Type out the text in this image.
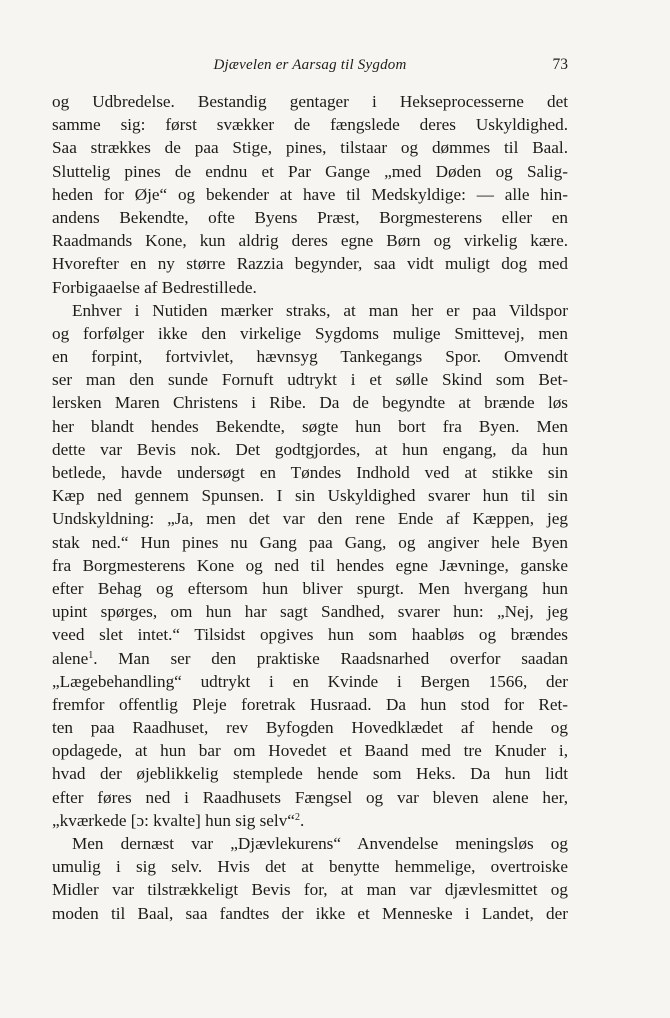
Djævelen er Aarsag til Sygdom	73
og Udbredelse. Bestandig gentager i Hekseprocesserne det
samme sig: først svækker de fængslede deres Uskyldighed.
Saa strækkes de paa Stige, pines, tilstaar og dømmes til Baal.
Sluttelig pines de endnu et Par Gange „med Døden og Salig-
heden for Øje“ og bekender at have til Medskyldige: — alle hin-
andens Bekendte, ofte Byens Præst, Borgmesterens eller en
Raadmands Kone, kun aldrig deres egne Børn og virkelig kære.
Hvorefter en ny større Razzia begynder, saa vidt muligt dog med
Forbigaaelse af Bedrestillede.
Enhver i Nutiden mærker straks, at man her er paa Vildspor
og forfølger ikke den virkelige Sygdoms mulige Smittevej, men
en forpint, fortvivlet, hævnsyg Tankegangs Spor. Omvendt
ser man den sunde Fornuft udtrykt i et sølle Skind som Bet-
lersken Maren Christens i Ribe. Da de begyndte at brænde løs
her blandt hendes Bekendte, søgte hun bort fra Byen. Men
dette var Bevis nok. Det godtgjordes, at hun engang, da hun
betlede, havde undersøgt en Tøndes Indhold ved at stikke sin
Kæp ned gennem Spunsen. I sin Uskyldighed svarer hun til sin
Undskyldning: „Ja, men det var den rene Ende af Kæppen, jeg
stak ned.“ Hun pines nu Gang paa Gang, og angiver hele Byen
fra Borgmesterens Kone og ned til hendes egne Jævninge, ganske
efter Behag og eftersom hun bliver spurgt. Men hvergang hun
upint spørges, om hun har sagt Sandhed, svarer hun: „Nej, jeg
veed slet intet.“ Tilsidst opgives hun som haabløs og brændes
alene$^1$. Man ser den praktiske Raadsnarhed overfor saadan
„Lægebehandling“ udtrykt i en Kvinde i Bergen 1566, der
fremfor offentlig Pleje foretrak Husraad. Da hun stod for Ret-
ten paa Raadhuset, rev Byfogden Hovedklædet af hende og
opdagede, at hun bar om Hovedet et Baand med tre Knuder i,
hvad der øjeblikkelig stemplede hende som Heks. Da hun lidt
efter føres ned i Raadhusets Fængsel og var bleven alene her,
„kværkede [ɔ: kvalte] hun sig selv“$^2$.
Men dernæst var „Djævlekurens“ Anvendelse meningsløs og
umulig i sig selv. Hvis det at benytte hemmelige, overtroiske
Midler var tilstrækkeligt Bevis for, at man var djævlesmittet og
moden til Baal, saa fandtes der ikke et Menneske i Landet, der
